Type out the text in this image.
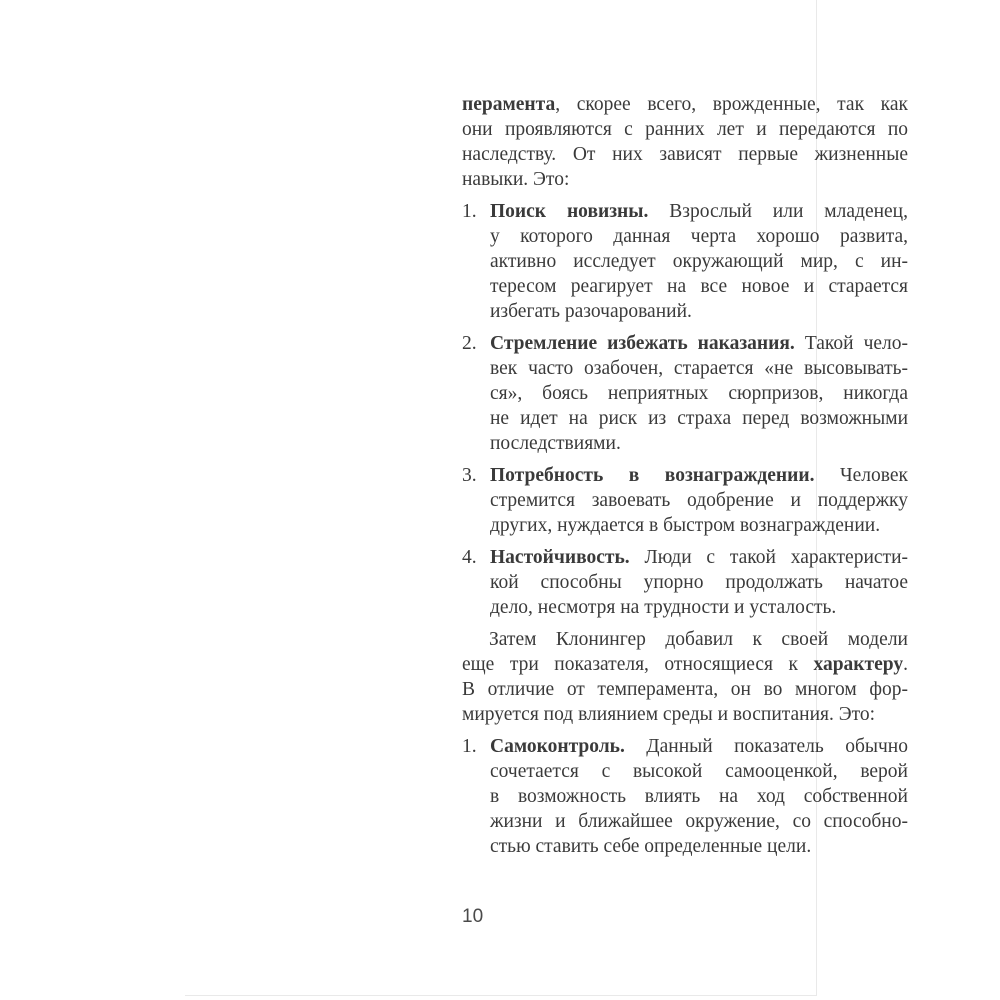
перамента, скорее всего, врожденные, так как
они проявляются с ранних лет и передаются по
наследству. От них зависят первые жизненные
навыки. Это:
1. Поиск новизны. Взрослый или младенец,
у которого данная черта хорошо развита,
активно исследует окружающий мир, с ин-
тересом реагирует на все новое и старается
избегать разочарований.
2. Стремление избежать наказания. Такой чело-
век часто озабочен, старается «не высовывать-
ся», боясь неприятных сюрпризов, никогда
не идет на риск из страха перед возможными
последствиями.
3. Потребность в вознаграждении. Человек
стремится завоевать одобрение и поддержку
других, нуждается в быстром вознаграждении.
4. Настойчивость. Люди с такой характеристи-
кой способны упорно продолжать начатое
дело, несмотря на трудности и усталость.
Затем Клонингер добавил к своей модели
еще три показателя, относящиеся к характеру.
В отличие от темперамента, он во многом фор-
мируется под влиянием среды и воспитания. Это:
1. Самоконтроль. Данный показатель обычно
сочетается с высокой самооценкой, верой
в возможность влиять на ход собственной
жизни и ближайшее окружение, со способно-
стью ставить себе определенные цели.
10
